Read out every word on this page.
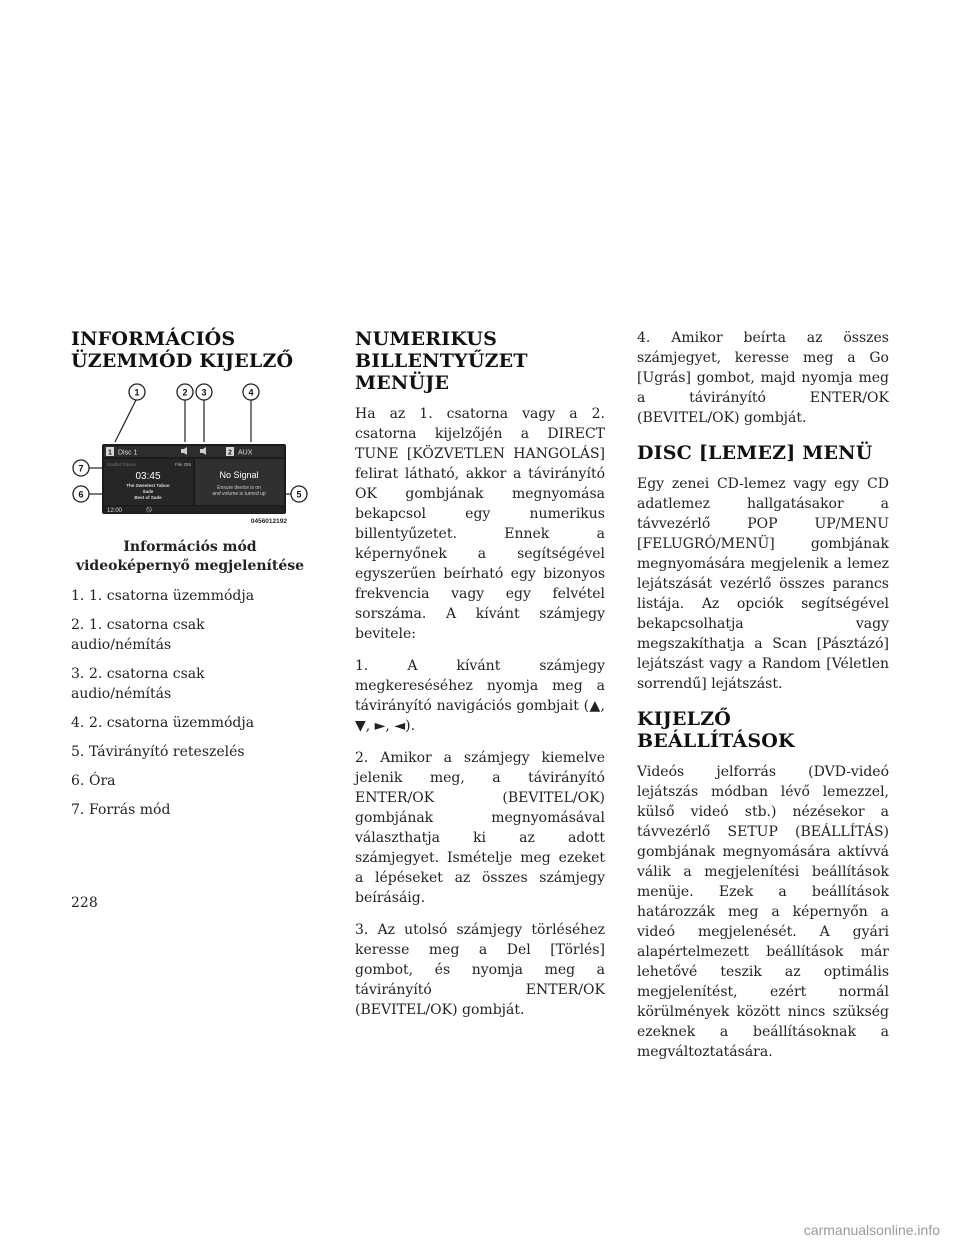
INFORMÁCIÓS ÜZEMMÓD KIJELZŐ
1 Disc 1	2 AUX
Soulful Trance	File 255
03:45
The Sweetest Taboo
Sade
Best of Sade
No Signal
Ensure device is on
and volume is turned up
12:00
1	2 3	4
5
6
7
0456012192
Információs mód videoképernyő megjelenítése
1. 1. csatorna üzemmódja
2. 1. csatorna csak audio/némítás
3. 2. csatorna csak audio/némítás
4. 2. csatorna üzemmódja
5. Távirányító reteszelés
6. Óra
7. Forrás mód
NUMERIKUS BILLENTYŰZET MENÜJE

Ha az 1. csatorna vagy a 2. csatorna kijelzőjén a DIRECT TUNE [KÖZVETLEN HANGOLÁS] felirat látható, akkor a távirányító OK gombjának megnyomása bekapcsol egy numerikus billentyűzetet. Ennek a képernyőnek a segítségével egyszerűen beírható egy bizonyos frekvencia vagy egy felvétel sorszáma. A kívánt számjegy bevitele:

1. A kívánt számjegy megkereséséhez nyomja meg a távirányító navigációs gombjait (▲, ▼, ►, ◄).

2. Amikor a számjegy kiemelve jelenik meg, a távirányító ENTER/OK (BEVITEL/OK) gombjának megnyomásával választhatja ki az adott számjegyet. Ismételje meg ezeket a lépéseket az összes számjegy beírásáig.

3. Az utolsó számjegy törléséhez keresse meg a Del [Törlés] gombot, és nyomja meg a távirányító ENTER/OK (BEVITEL/OK) gombját.

4. Amikor beírta az összes számjegyet, keresse meg a Go [Ugrás] gombot, majd nyomja meg a távirányító ENTER/OK (BEVITEL/OK) gombját.

DISC [LEMEZ] MENÜ

Egy zenei CD-lemez vagy egy CD adatlemez hallgatásakor a távvezérlő POP UP/MENU [FELUGRÓ/MENÜ] gombjának megnyomására megjelenik a lemez lejátszását vezérlő összes parancs listája. Az opciók segítségével bekapcsolhatja vagy megszakíthatja a Scan [Pásztázó] lejátszást vagy a Random [Véletlen sorrendű] lejátszást.

KIJELZŐ BEÁLLÍTÁSOK

Videós jelforrás (DVD-videó lejátszás módban lévő lemezzel, külső videó stb.) nézésekor a távvezérlő SETUP (BEÁLLÍTÁS) gombjának megnyomására aktívvá válik a megjelenítési beállítások menüje. Ezek a beállítások határozzák meg a képernyőn a videó megjelenését. A gyári alapértelmezett beállítások már lehetővé teszik az optimális megjelenítést, ezért normál körülmények között nincs szükség ezeknek a beállításoknak a megváltoztatására.

228
carmanualsonline.info
